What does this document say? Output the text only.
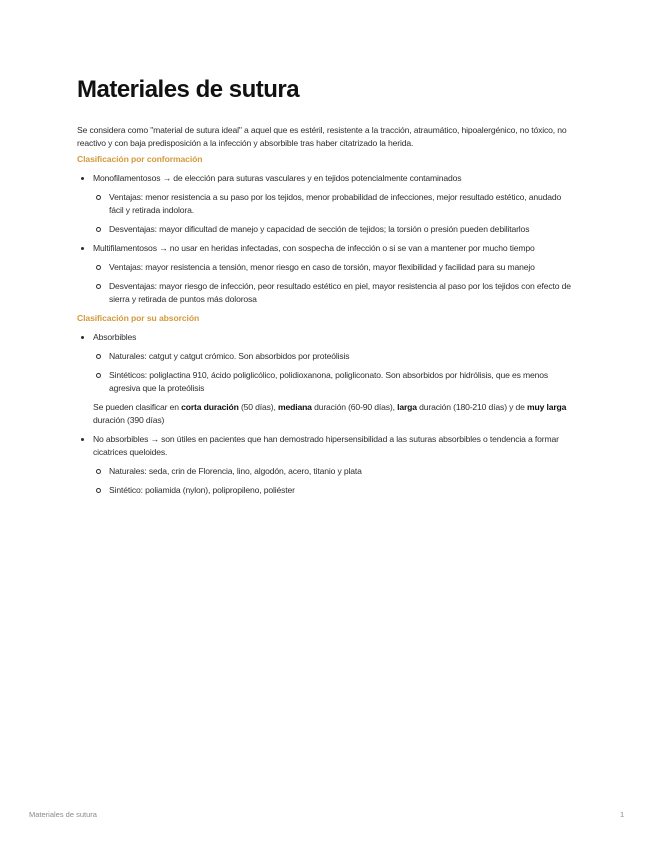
Materiales de sutura

Se considera como "material de sutura ideal" a aquel que es estéril, resistente a la tracción, atraumático, hipoalergénico, no tóxico, no reactivo y con baja predisposición a la infección y absorbible tras haber citatrizado la herida.

Clasificación por conformación

Monofilamentosos → de elección para suturas vasculares y en tejidos potencialmente contaminados

Ventajas: menor resistencia a su paso por los tejidos, menor probabilidad de infecciones, mejor resultado estético, anudado fácil y retirada indolora.

Desventajas: mayor dificultad de manejo y capacidad de sección de tejidos; la torsión o presión pueden debilitarlos

Multifilamentosos → no usar en heridas infectadas, con sospecha de infección o si se van a mantener por mucho tiempo

Ventajas: mayor resistencia a tensión, menor riesgo en caso de torsión, mayor flexibilidad y facilidad para su manejo

Desventajas: mayor riesgo de infección, peor resultado estético en piel, mayor resistencia al paso por los tejidos con efecto de sierra y retirada de puntos más dolorosa

Clasificación por su absorción

Absorbibles

Naturales: catgut y catgut crómico. Son absorbidos por proteólisis

Sintéticos: poliglactina 910, ácido poliglicólico, polidioxanona, poligliconato. Son absorbidos por hidrólisis, que es menos agresiva que la proteólisis

Se pueden clasificar en corta duración (50 días), mediana duración (60-90 días), larga duración (180-210 días) y de muy larga duración (390 días)

No absorbibles → son útiles en pacientes que han demostrado hipersensibilidad a las suturas absorbibles o tendencia a formar cicatrices queloides.

Naturales: seda, crin de Florencia, lino, algodón, acero, titanio y plata

Sintético: poliamida (nylon), polipropileno, poliéster

Materiales de sutura	1
